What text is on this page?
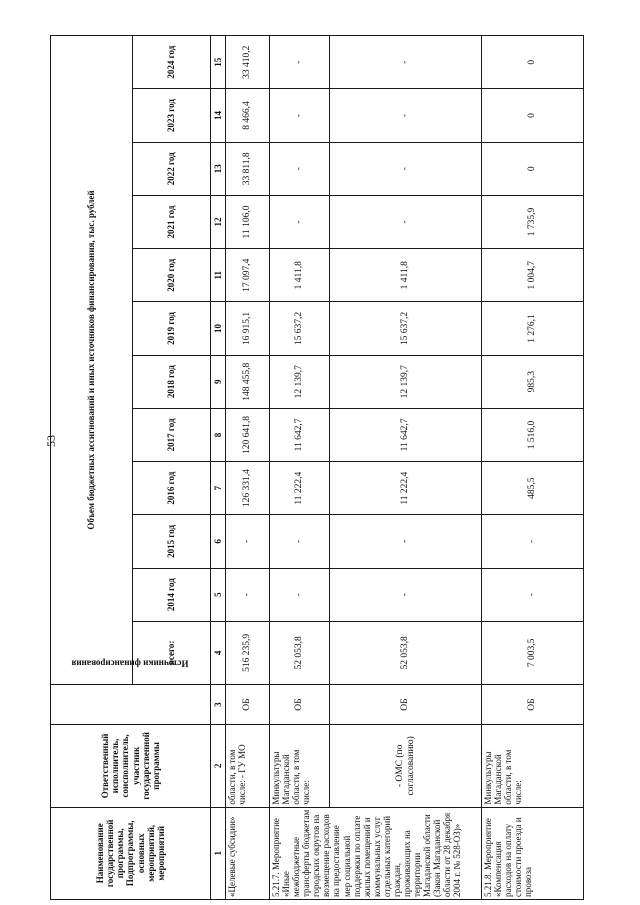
53
Наименование государственной программы, Подпрограммы, основных мероприятий, мероприятий	Ответственный исполнитель, соисполнитель, участник государственной программы	Источники финансирования	Объем бюджетных ассигнований и иных источников финансирования, тыс. рублей											
			всего:	2014 год	2015 год	2016 год	2017 год	2018 год	2019 год	2020 год	2021 год	2022 год	2023 год	2024 год
1	2	3	4	5	6	7	8	9	10	11	12	13	14	15
«Целевые субсидии»	области, в том числе: - ГУ МО	ОБ	516 235,9	-	-	126 331,4	120 641,8	148 455,8	16 915,1	17 097,4	11 106,0	33 811,8	8 466,4	33 410,2
5.21.7. Мероприятие «Иные межбюджетные трансферты бюджетам городских округов на возмещение расходов на предоставление мер социальной поддержки по оплате жилых помещений и коммунальных услуг отдельных категорий граждан, проживающих на территории Магаданской области (Закон Магаданской области от 28 декабря 2004 г. № 528-ОЗ)»	Минкультуры Магаданской области, в том числе:	ОБ	52 053,8	-	-	11 222,4	11 642,7	12 139,7	15 637,2	1 411,8	-	-	-	-
	- ОМС (по согласованию)	ОБ	52 053,8	-	-	11 222,4	11 642,7	12 139,7	15 637,2	1 411,8	-	-	-	-
5.21.8. Мероприятие «Компенсация расходов на оплату стоимости проезда и провоза	Минкультуры Магаданской области, в том числе:	ОБ	7 003,5	-	-	485,5	1 516,0	985,3	1 276,1	1 004,7	1 735,9	0	0	0
